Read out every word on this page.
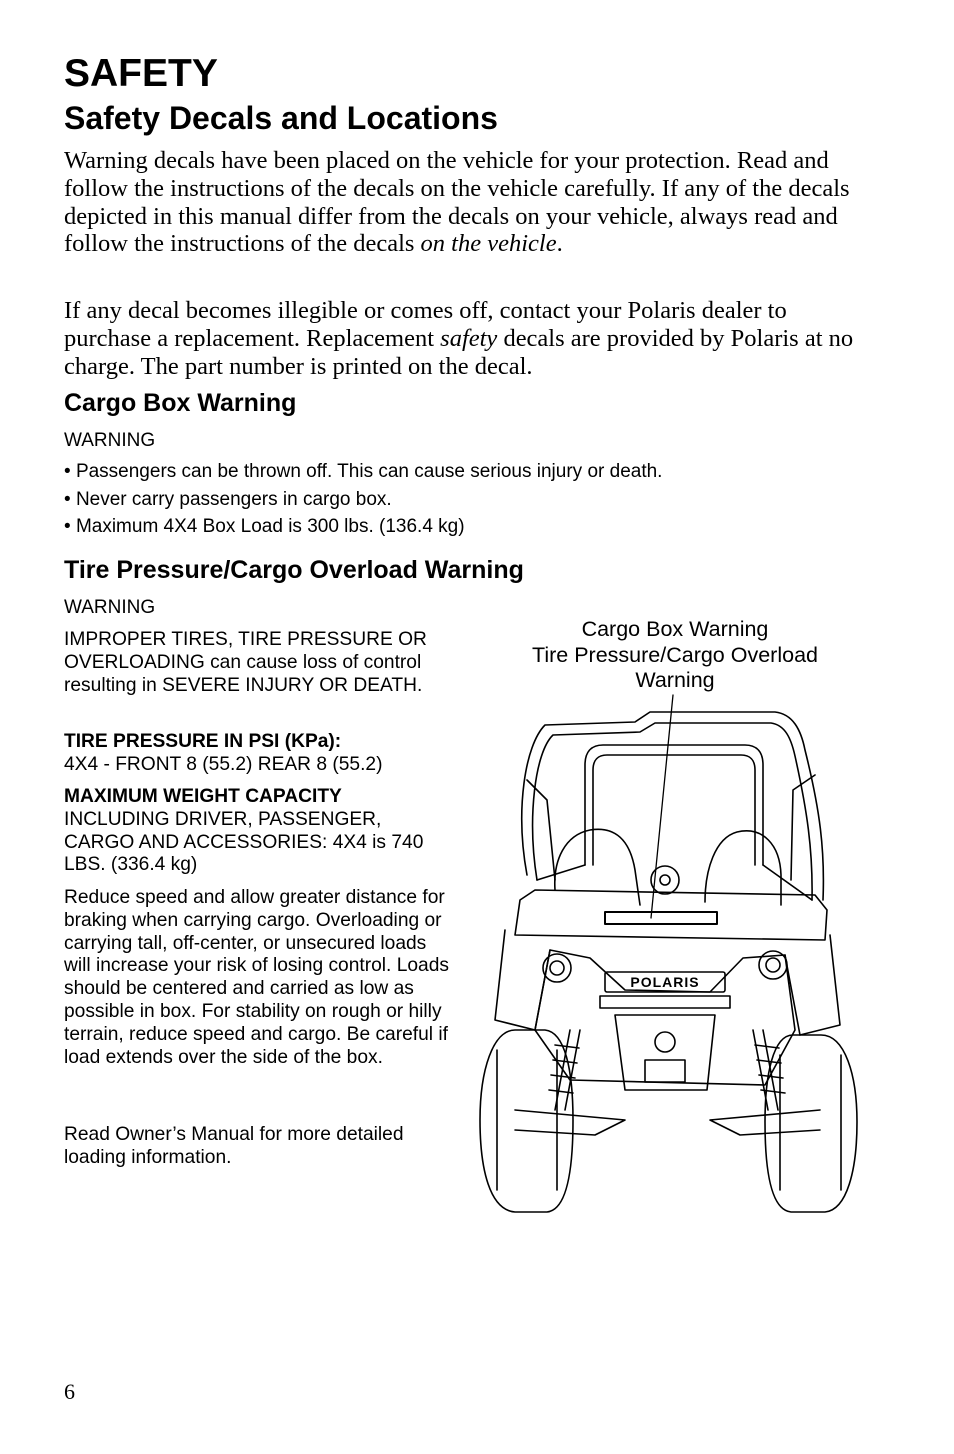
SAFETY
Safety Decals and Locations

Warning decals have been placed on the vehicle for your protection. Read and follow the instructions of the decals on the vehicle carefully. If any of the decals depicted in this manual differ from the decals on your vehicle, always read and follow the instructions of the decals on the vehicle.

If any decal becomes illegible or comes off, contact your Polaris dealer to purchase a replacement. Replacement safety decals are provided by Polaris at no charge. The part number is printed on the decal.

Cargo Box Warning
WARNING
• Passengers can be thrown off. This can cause serious injury or death.
• Never carry passengers in cargo box.
• Maximum 4X4 Box Load is 300 lbs. (136.4 kg)
Tire Pressure/Cargo Overload Warning
WARNING

IMPROPER TIRES, TIRE PRESSURE OR OVERLOADING can cause loss of control resulting in SEVERE INJURY OR DEATH.

TIRE PRESSURE IN PSI (KPa):
4X4 - FRONT 8 (55.2) REAR 8 (55.2)

MAXIMUM WEIGHT CAPACITY
INCLUDING DRIVER, PASSENGER, CARGO AND ACCESSORIES: 4X4 is 740 LBS. (336.4 kg)

Reduce speed and allow greater distance for braking when carrying cargo. Overloading or carrying tall, off-center, or unsecured loads will increase your risk of losing control. Loads should be centered and carried as low as possible in box. For stability on rough or hilly terrain, reduce speed and cargo. Be careful if load extends over the side of the box.

Read Owner’s Manual for more detailed loading information.

Cargo Box Warning
Tire Pressure/Cargo Overload
Warning
POLARIS
6
